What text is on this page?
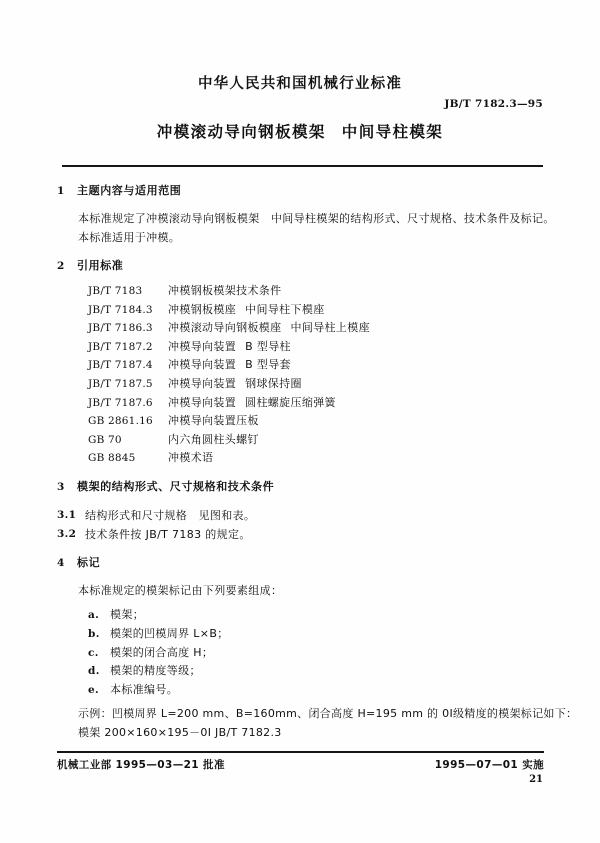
中华人民共和国机械行业标准
JB/T 7182.3—95
冲模滚动导向钢板模架 中间导柱模架
1	主题内容与适用范围
本标准规定了冲模滚动导向钢板模架　中间导柱模架的结构形式、尺寸规格、技术条件及标记。
本标准适用于冲模。
2	引用标准
JB/T 7183	冲模钢板模架技术条件
JB/T 7184.3	冲模钢板模座 中间导柱下模座
JB/T 7186.3	冲模滚动导向钢板模座 中间导柱上模座
JB/T 7187.2	冲模导向装置 B 型导柱
JB/T 7187.4	冲模导向装置 B 型导套
JB/T 7187.5	冲模导向装置 钢球保持圈
JB/T 7187.6	冲模导向装置 圆柱螺旋压缩弹簧
GB 2861.16	冲模导向装置压板
GB 70	内六角圆柱头螺钉
GB 8845	冲模术语
3	模架的结构形式、尺寸规格和技术条件
3.1 结构形式和尺寸规格　见图和表。
3.2 技术条件按 JB/T 7183 的规定。
4	标记
本标准规定的模架标记由下列要素组成：
a. 模架；
b. 模架的凹模周界 L×B；
c.	模架的闭合高度 H；
d. 模架的精度等级；
e. 本标准编号。
示例：凹模周界 L=200 mm、B=160mm、闭合高度 H=195 mm 的 0Ⅰ级精度的模架标记如下：
模架 200×160×195－0Ⅰ JB/T 7182.3
机械工业部 1995—03—21 批准	1995—07—01 实施
21
